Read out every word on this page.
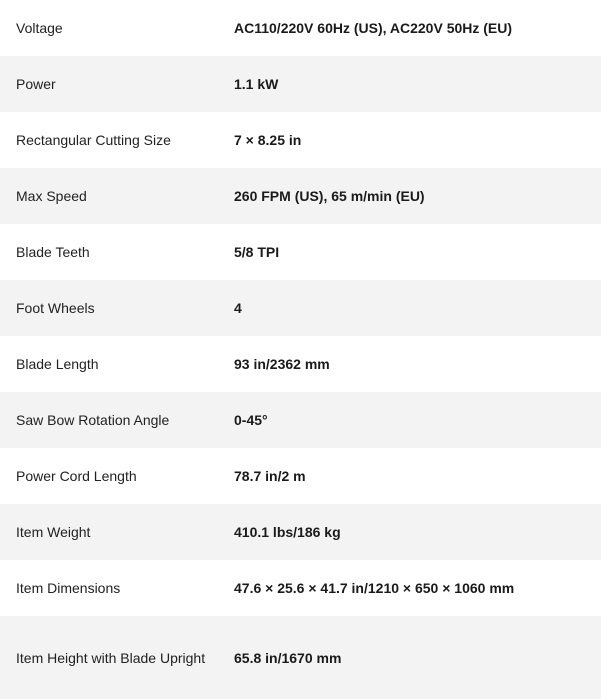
Voltage	AC110/220V 60Hz (US), AC220V 50Hz (EU)
Power	1.1 kW
Rectangular Cutting Size	7 × 8.25 in
Max Speed	260 FPM (US), 65 m/min (EU)
Blade Teeth	5/8 TPI
Foot Wheels	4
Blade Length	93 in/2362 mm
Saw Bow Rotation Angle	0-45°
Power Cord Length	78.7 in/2 m
Item Weight	410.1 lbs/186 kg
Item Dimensions	47.6 × 25.6 × 41.7 in/1210 × 650 × 1060 mm
Item Height with Blade Upright	65.8 in/1670 mm
